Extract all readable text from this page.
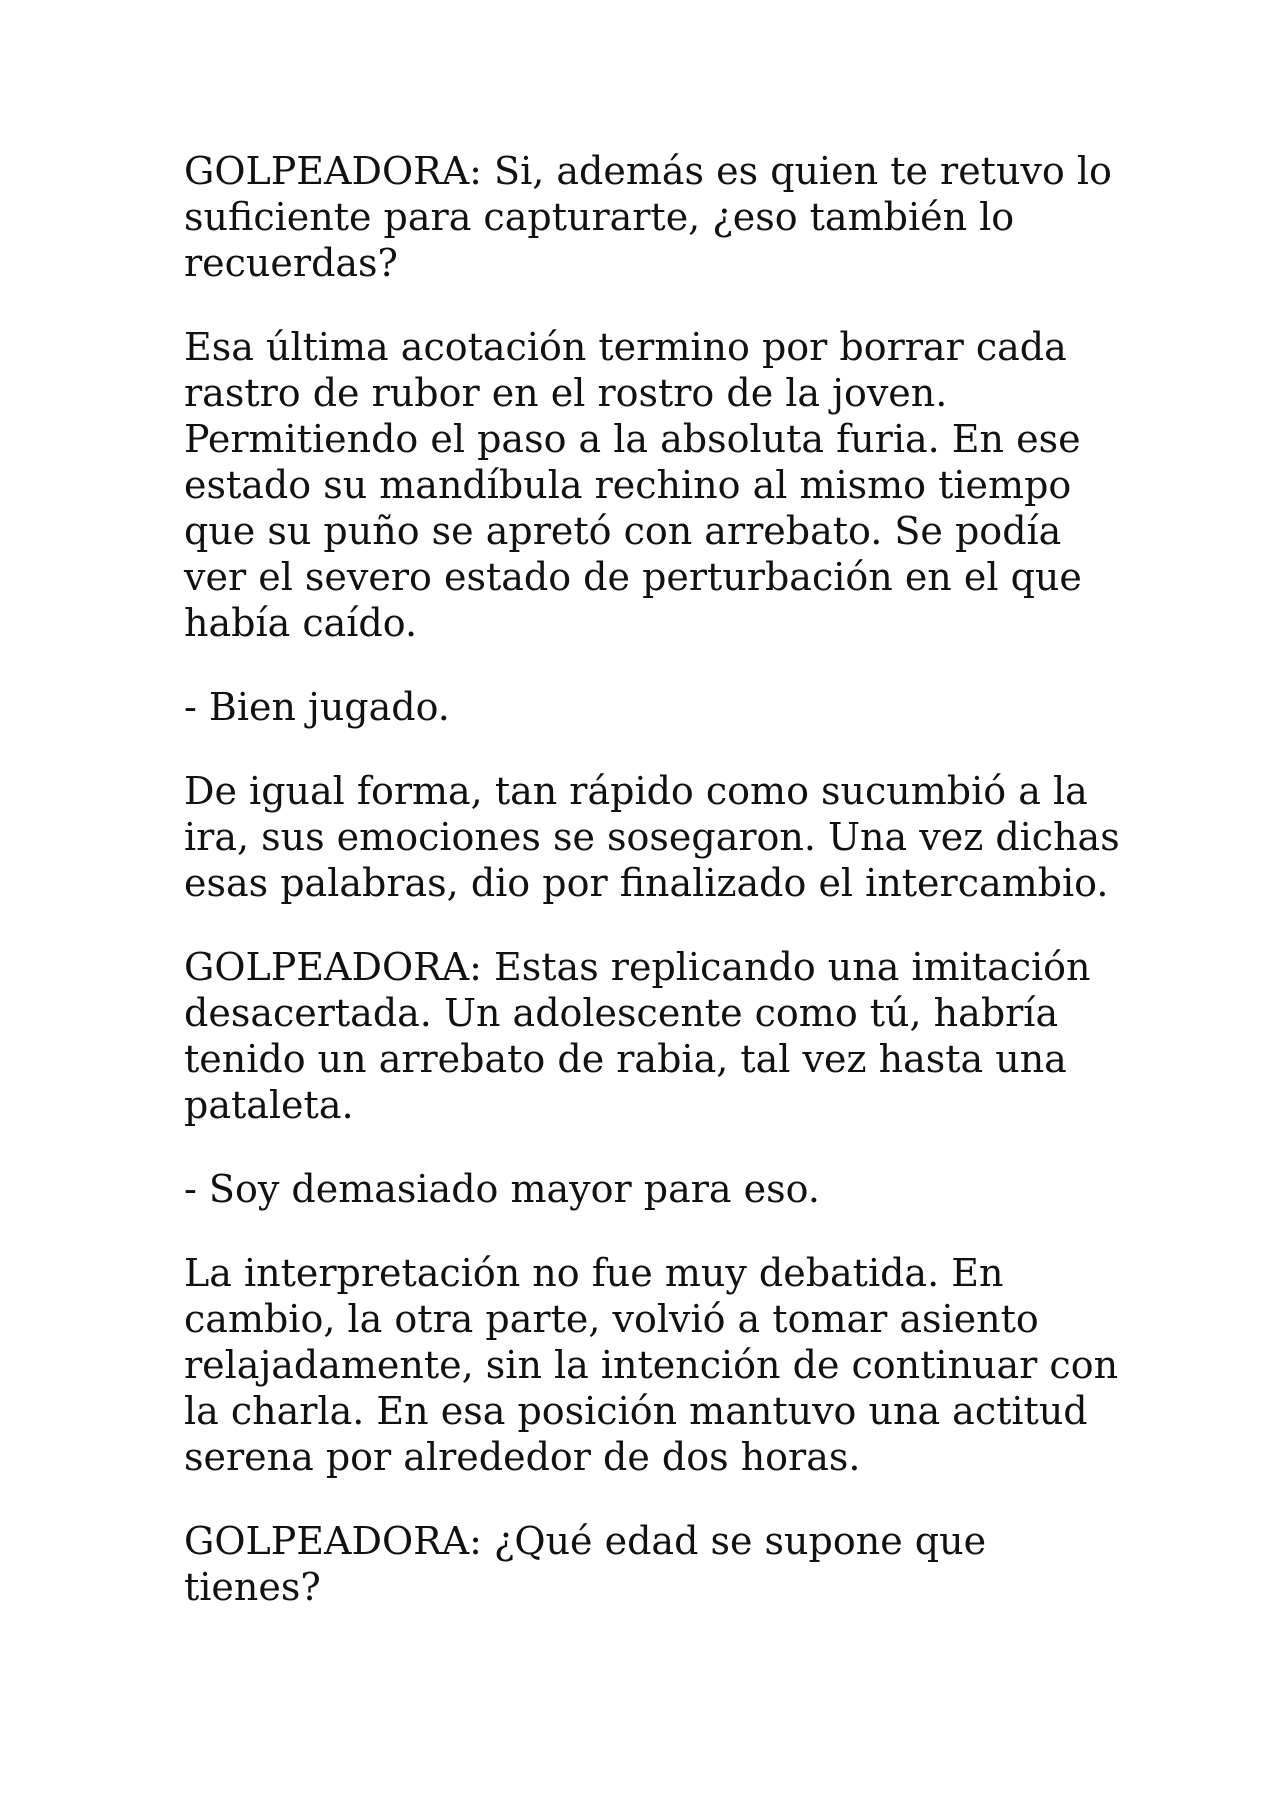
GOLPEADORA: Si, además es quien te retuvo lo
suficiente para capturarte, ¿eso también lo
recuerdas?

Esa última acotación termino por borrar cada
rastro de rubor en el rostro de la joven.
Permitiendo el paso a la absoluta furia. En ese
estado su mandíbula rechino al mismo tiempo
que su puño se apretó con arrebato. Se podía
ver el severo estado de perturbación en el que
había caído.

- Bien jugado.

De igual forma, tan rápido como sucumbió a la
ira, sus emociones se sosegaron. Una vez dichas
esas palabras, dio por finalizado el intercambio.

GOLPEADORA: Estas replicando una imitación
desacertada. Un adolescente como tú, habría
tenido un arrebato de rabia, tal vez hasta una
pataleta.

- Soy demasiado mayor para eso.

La interpretación no fue muy debatida. En
cambio, la otra parte, volvió a tomar asiento
relajadamente, sin la intención de continuar con
la charla. En esa posición mantuvo una actitud
serena por alrededor de dos horas.

GOLPEADORA: ¿Qué edad se supone que tienes?
